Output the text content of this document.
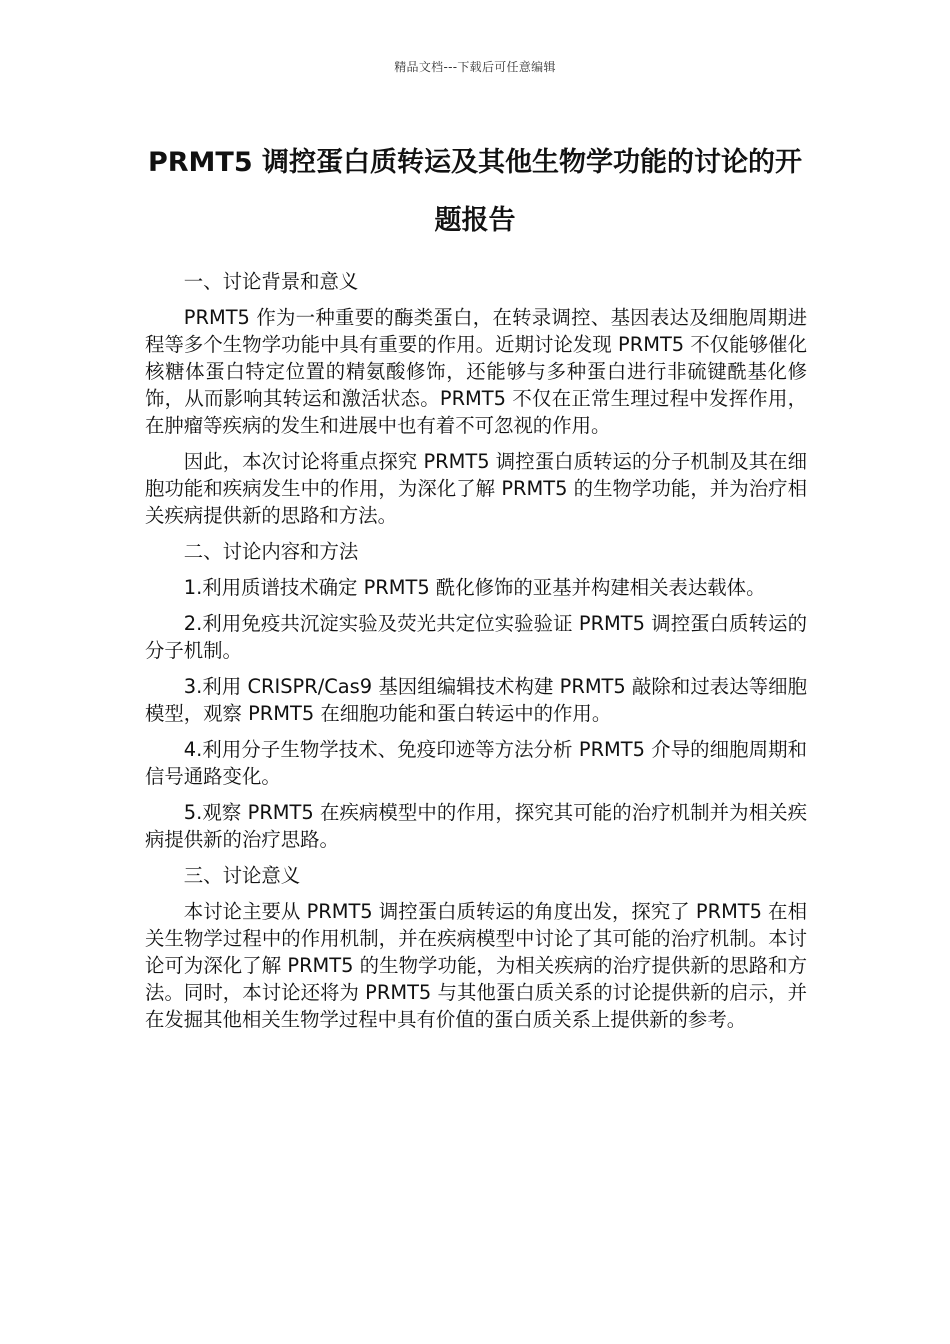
精品文档---下载后可任意编辑
PRMT5 调控蛋白质转运及其他生物学功能的讨论的开题报告

一、讨论背景和意义

PRMT5 作为一种重要的酶类蛋白，在转录调控、基因表达及细胞周期进程等多个生物学功能中具有重要的作用。近期讨论发现 PRMT5 不仅能够催化核糖体蛋白特定位置的精氨酸修饰，还能够与多种蛋白进行非硫键酰基化修饰，从而影响其转运和激活状态。PRMT5 不仅在正常生理过程中发挥作用，在肿瘤等疾病的发生和进展中也有着不可忽视的作用。

因此，本次讨论将重点探究 PRMT5 调控蛋白质转运的分子机制及其在细胞功能和疾病发生中的作用，为深化了解 PRMT5 的生物学功能，并为治疗相关疾病提供新的思路和方法。

二、讨论内容和方法

1.利用质谱技术确定 PRMT5 酰化修饰的亚基并构建相关表达载体。

2.利用免疫共沉淀实验及荧光共定位实验验证 PRMT5 调控蛋白质转运的分子机制。

3.利用 CRISPR/Cas9 基因组编辑技术构建 PRMT5 敲除和过表达等细胞模型，观察 PRMT5 在细胞功能和蛋白转运中的作用。

4.利用分子生物学技术、免疫印迹等方法分析 PRMT5 介导的细胞周期和信号通路变化。

5.观察 PRMT5 在疾病模型中的作用，探究其可能的治疗机制并为相关疾病提供新的治疗思路。

三、讨论意义

本讨论主要从 PRMT5 调控蛋白质转运的角度出发，探究了 PRMT5 在相关生物学过程中的作用机制，并在疾病模型中讨论了其可能的治疗机制。本讨论可为深化了解 PRMT5 的生物学功能，为相关疾病的治疗提供新的思路和方法。同时，本讨论还将为 PRMT5 与其他蛋白质关系的讨论提供新的启示，并在发掘其他相关生物学过程中具有价值的蛋白质关系上提供新的参考。
